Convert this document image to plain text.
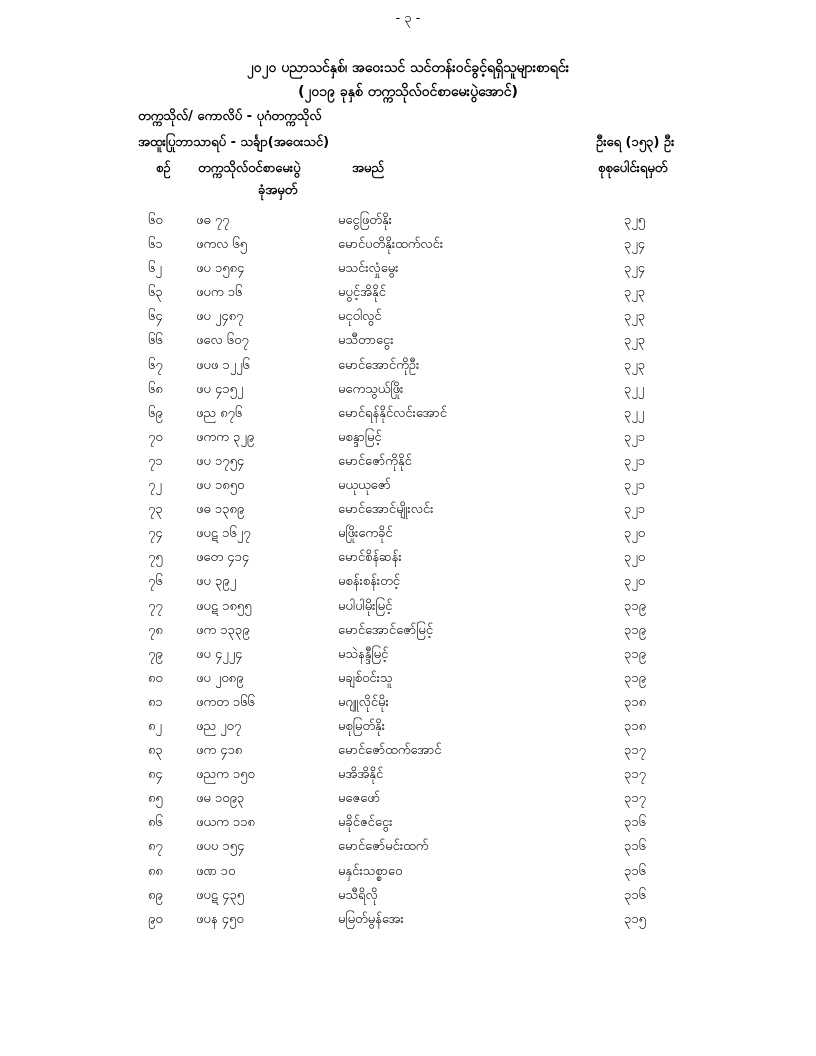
- ၃ -
၂၀၂၀ ပညာသင်နှစ်၊ အဝေးသင် သင်တန်းဝင်ခွင့်ရရှိသူများစာရင်း
(၂၀၁၉ ခုနှစ် တက္ကသိုလ်ဝင်စာမေးပွဲအောင်)
တက္ကသိုလ်/ ကောလိပ် - ပုဂံတက္ကသိုလ်
အထူးပြုဘာသာရပ် - သင်္ချာ(အဝေးသင်)	ဦးရေ (၁၅၃) ဦး
စဉ် တက္ကသိုလ်ဝင်စာမေးပွဲ
ခုံအမှတ်
အမည်	စုစုပေါင်းရမှတ်
၆၀	ဖဓ ၇၇	မငွေဖြတ်နိုး	၃၂၅
၆၁	ဖကလ ၆၅	မောင်ပတိနိုးထက်လင်း	၃၂၄
၆၂	ဖပ ၁၅၈၄	မသင်းလှုံမွေး	၃၂၄
၆၃	ဖပက ၁၆	မပွင့်အိနိုင်	၃၂၃
၆၄	ဖပ ၂၄၈၇	မငုဝါလွင်	၃၂၃
၆၆	ဖလေ ၆၀၇	မသီတာငွေး	၃၂၃
၆၇	ဖပဖ ၁၂၂၆	မောင်အောင်ကိုဦး	၃၂၃
၆၈	ဖပ ၄၁၅၂	မကေသွယ်ဖြိုး	၃၂၂
၆၉	ဖည ၈၇၆	မောင်ရန်နိုင်လင်းအောင်	၃၂၂
၇၀	ဖကက ၃၂၉	မစန္ဒာမြင့်	၃၂၁
၇၁	ဖပ ၁၇၅၄	မောင်ဇော်ကိုနိုင်	၃၂၁
၇၂	ဖပ ၁၈၅၀	မယုယုဇော်	၃၂၁
၇၃	ဖဓ ၁၃၈၉	မောင်အောင်မျိုးလင်း	၃၂၁
၇၄	ဖပဋ ၁၆၂၇	မဖြိုးကေခိုင်	၃၂၀
၇၅	ဖတေ ၄၁၄	မောင်စိန်ဆန်း	၃၂၀
၇၆	ဖပ ၃၉၂	မစန်းစန်းတင့်	၃၂၀
၇၇	ဖပဋ ၁၈၅၅	မပါပါမိုးမြင့်	၃၁၉
၇၈	ဖက ၁၃၃၉	မောင်အောင်ဇော်မြင့်	၃၁၉
၇၉	ဖပ ၄၂၂၄	မသဲနန္ဒီမြင့်	၃၁၉
၈၀	ဖပ ၂၀၈၉	မချစ်ဝင်းသူ	၃၁၉
၈၁	ဖကတ ၁၆၆	မဂျူလိုင်မိုး	၃၁၈
၈၂	ဖည ၂၀၇	မစုမြတ်နိုး	၃၁၈
၈၃	ဖက ၄၁၈	မောင်ဇော်ထက်အောင်	၃၁၇
၈၄	ဖညက ၁၅၀	မအိအိနိုင်	၃၁၇
၈၅	ဖမ ၁၀၉၃	မဇေဖော်	၃၁၇
၈၆	ဖယက ၁၁၈	မခိုင်ဇင်ငွေး	၃၁၆
၈၇	ဖပပ ၁၅၄	မောင်ဇော်မင်းထက်	၃၁၆
၈၈	ဖဏ ၁၀	မနှင်းသစ္စာဝေ	၃၁၆
၈၉	ဖပဋ ၄၃၅	မသီရိလို	၃၁၆
၉၀	ဖပန ၄၅၀	မမြတ်မွန်အေး	၃၁၅
